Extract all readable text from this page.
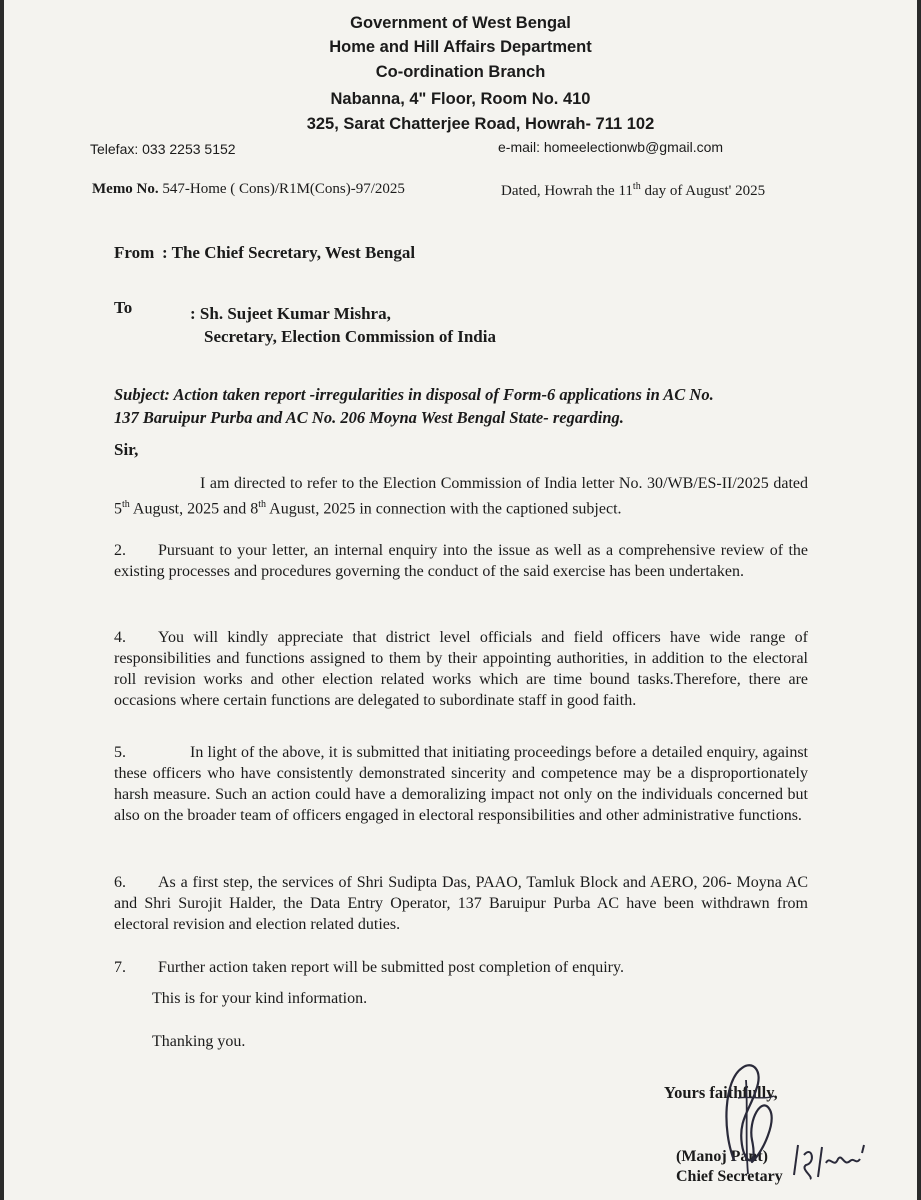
Government of West Bengal
Home and Hill Affairs Department
Co-ordination Branch
Nabanna, 4" Floor, Room No. 410
325, Sarat Chatterjee Road, Howrah- 711 102
Telefax: 033 2253 5152	e-mail: homeelectionwb@gmail.com
Memo No. 547-Home ( Cons)/R1M(Cons)-97/2025	Dated, Howrah the 11th day of August' 2025
From : The Chief Secretary, West Bengal
To	: Sh. Sujeet Kumar Mishra,
Secretary, Election Commission of India
Subject: Action taken report -irregularities in disposal of Form-6 applications in AC No.
137 Baruipur Purba and AC No. 206 Moyna West Bengal State- regarding.
Sir,
I am directed to refer to the Election Commission of India letter No. 30/WB/ES-II/2025 dated 5th August, 2025 and 8th August, 2025 in connection with the captioned subject.
2. Pursuant to your letter, an internal enquiry into the issue as well as a comprehensive review of the existing processes and procedures governing the conduct of the said exercise has been undertaken.
4. You will kindly appreciate that district level officials and field officers have wide range of responsibilities and functions assigned to them by their appointing authorities, in addition to the electoral roll revision works and other election related works which are time bound tasks.Therefore, there are occasions where certain functions are delegated to subordinate staff in good faith.
5.	In light of the above, it is submitted that initiating proceedings before a detailed enquiry, against these officers who have consistently demonstrated sincerity and competence may be a disproportionately harsh measure. Such an action could have a demoralizing impact not only on the individuals concerned but also on the broader team of officers engaged in electoral responsibilities and other administrative functions.
6. As a first step, the services of Shri Sudipta Das, PAAO, Tamluk Block and AERO, 206- Moyna AC and Shri Surojit Halder, the Data Entry Operator, 137 Baruipur Purba AC have been withdrawn from electoral revision and election related duties.
7. Further action taken report will be submitted post completion of enquiry.
This is for your kind information.
Thanking you.
Yours faithfully,
(Manoj Pant)
Chief Secretary
